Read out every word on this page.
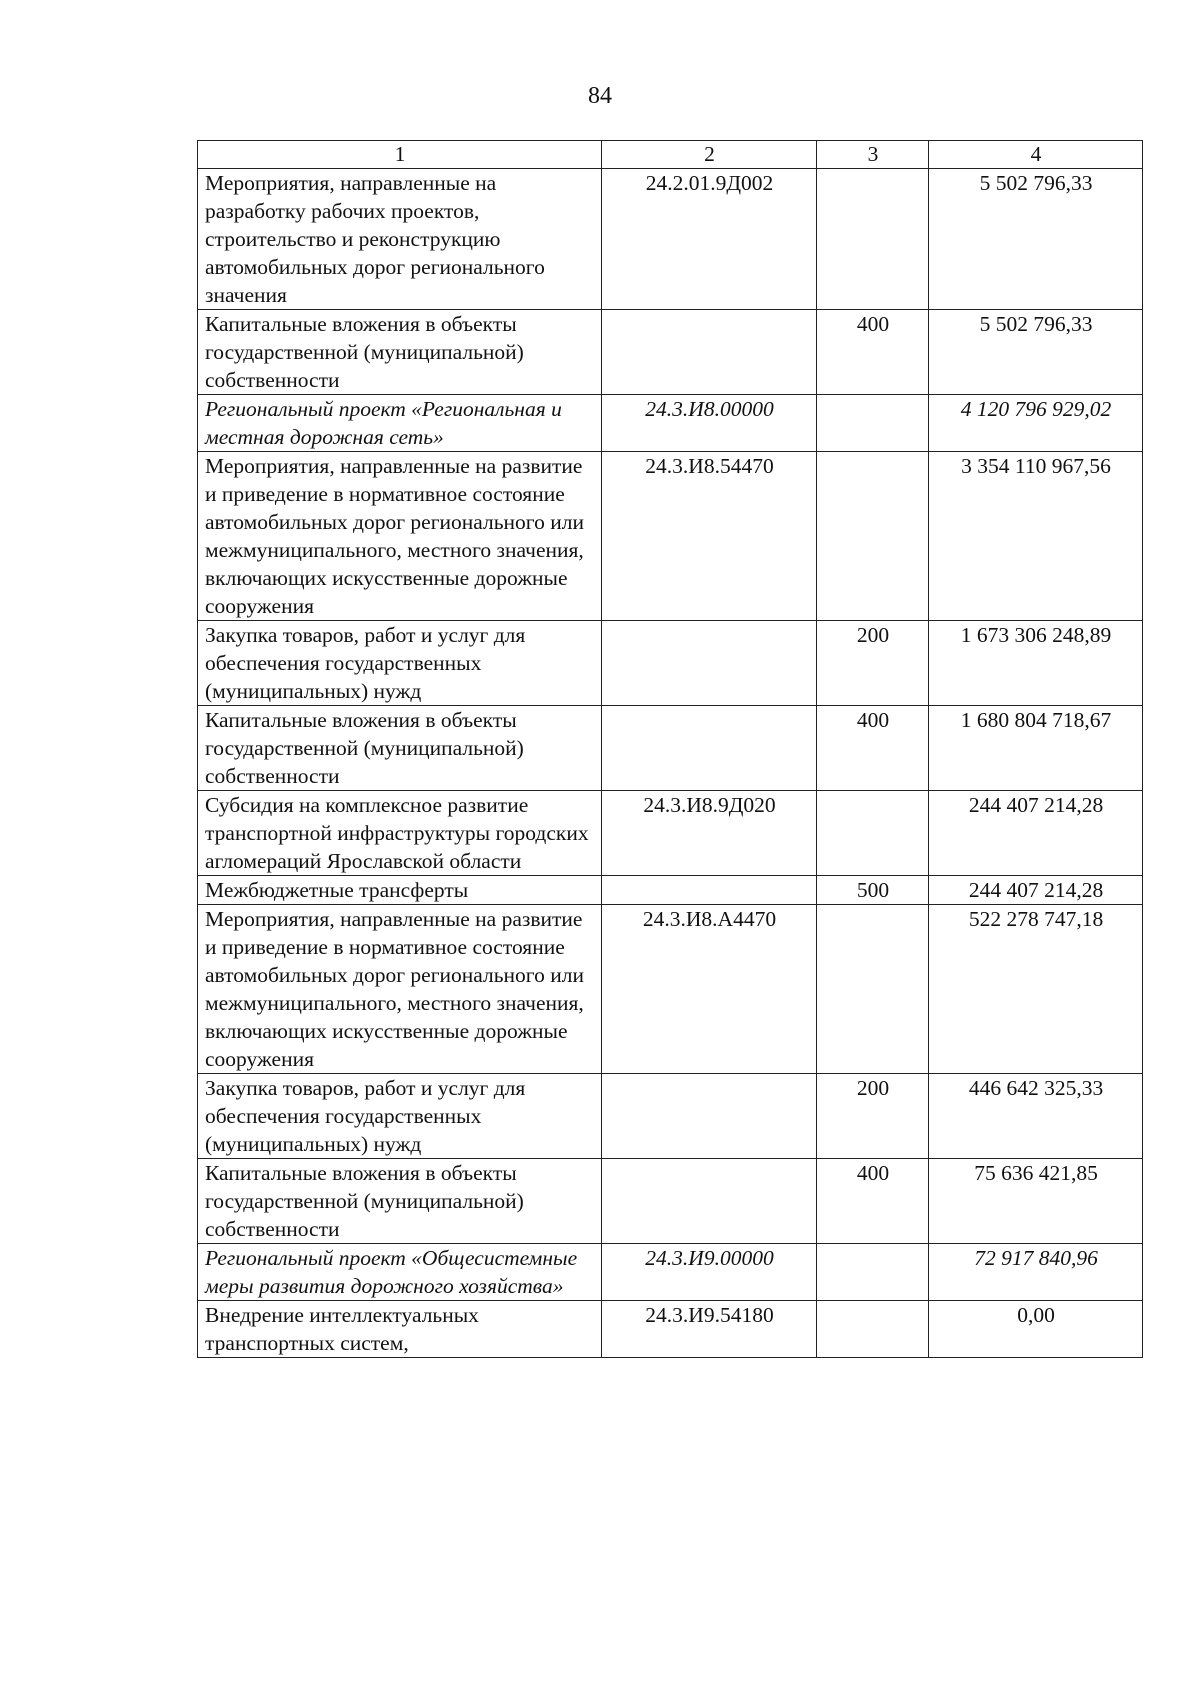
84
1	2	3	4
Мероприятия, направленные на разработку рабочих проектов, строительство и реконструкцию автомобильных дорог регионального значения	24.2.01.9Д002		5 502 796,33
Капитальные вложения в объекты государственной (муниципальной) собственности		400	5 502 796,33
Региональный проект «Региональная и местная дорожная сеть»	24.3.И8.00000		4 120 796 929,02
Мероприятия, направленные на развитие и приведение в нормативное состояние автомобильных дорог регионального или межмуниципального, местного значения, включающих искусственные дорожные сооружения	24.3.И8.54470		3 354 110 967,56
Закупка товаров, работ и услуг для обеспечения государственных (муниципальных) нужд		200	1 673 306 248,89
Капитальные вложения в объекты государственной (муниципальной) собственности		400	1 680 804 718,67
Субсидия на комплексное развитие транспортной инфраструктуры городских агломераций Ярославской области	24.3.И8.9Д020		244 407 214,28
Межбюджетные трансферты		500	244 407 214,28
Мероприятия, направленные на развитие и приведение в нормативное состояние автомобильных дорог регионального или межмуниципального, местного значения, включающих искусственные дорожные сооружения	24.3.И8.А4470		522 278 747,18
Закупка товаров, работ и услуг для обеспечения государственных (муниципальных) нужд		200	446 642 325,33
Капитальные вложения в объекты государственной (муниципальной) собственности		400	75 636 421,85
Региональный проект «Общесистемные меры развития дорожного хозяйства»	24.3.И9.00000		72 917 840,96
Внедрение интеллектуальных транспортных систем,	24.3.И9.54180		0,00
